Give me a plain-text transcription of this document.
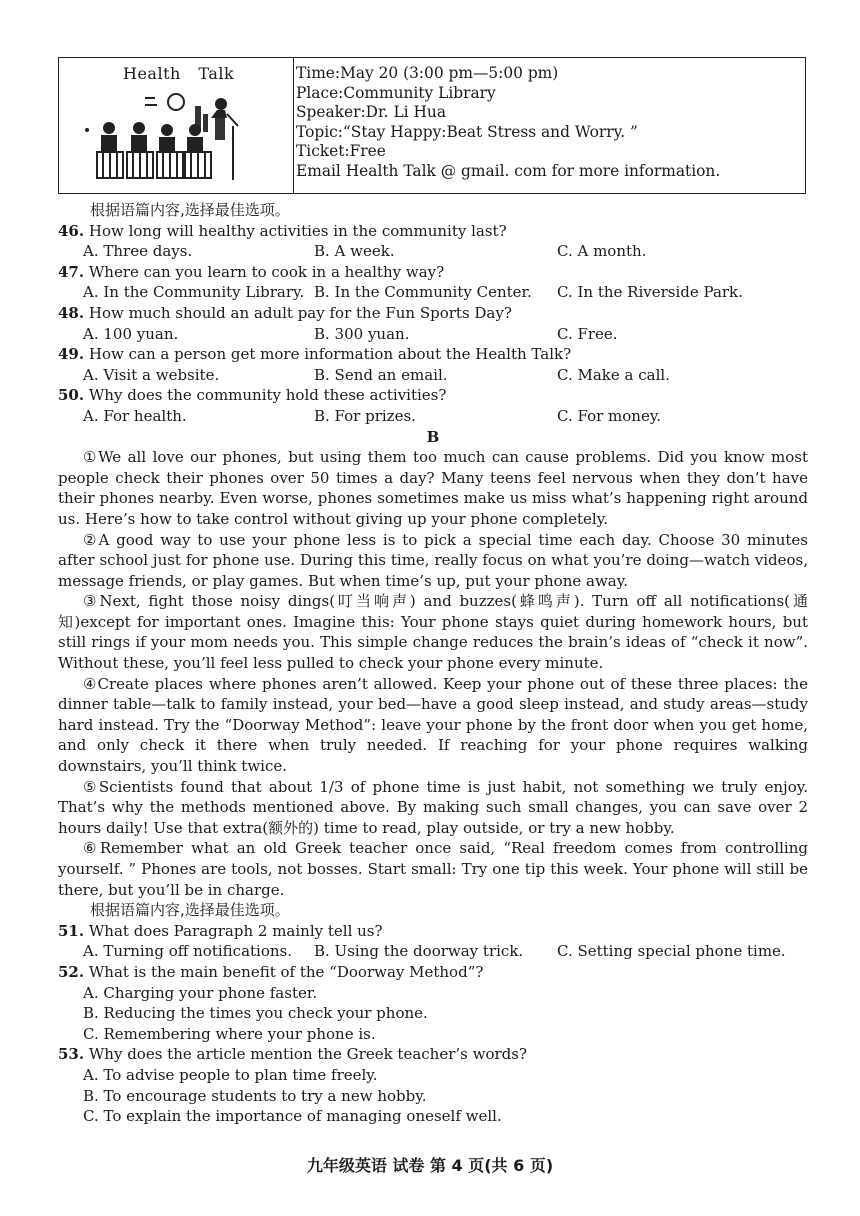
Health Talk	Time:May 20 (3:00 pm—5:00 pm)
Place:Community Library
Speaker:Dr. Li Hua
Topic:“Stay Happy:Beat Stress and Worry. ”
Ticket:Free
Email Health Talk @ gmail. com for more information.
根据语篇内容,选择最佳选项。
46. How long will healthy activities in the community last?
A. Three days.	B. A week.	C. A month.
47. Where can you learn to cook in a healthy way?
A. In the Community Library. B. In the Community Center.	C. In the Riverside Park.
48. How much should an adult pay for the Fun Sports Day?
A. 100 yuan.	B. 300 yuan.	C. Free.
49. How can a person get more information about the Health Talk?
A. Visit a website.	B. Send an email.	C. Make a call.
50. Why does the community hold these activities?
A. For health.	B. For prizes.	C. For money.
B

①We all love our phones, but using them too much can cause problems. Did you know most people check their phones over 50 times a day? Many teens feel nervous when they don’t have their phones nearby. Even worse, phones sometimes make us miss what’s happening right around us. Here’s how to take control without giving up your phone completely.

②A good way to use your phone less is to pick a special time each day. Choose 30 minutes after school just for phone use. During this time, really focus on what you’re doing—watch videos, message friends, or play games. But when time’s up, put your phone away.

③Next, fight those noisy dings(叮当响声) and buzzes(蜂鸣声). Turn off all notifications(通知)except for important ones. Imagine this: Your phone stays quiet during homework hours, but still rings if your mom needs you. This simple change reduces the brain’s ideas of “check it now”. Without these, you’ll feel less pulled to check your phone every minute.

④Create places where phones aren’t allowed. Keep your phone out of these three places: the dinner table—talk to family instead, your bed—have a good sleep instead, and study areas—study hard instead. Try the “Doorway Method”: leave your phone by the front door when you get home, and only check it there when truly needed. If reaching for your phone requires walking downstairs, you’ll think twice.

⑤Scientists found that about 1/3 of phone time is just habit, not something we truly enjoy. That’s why the methods mentioned above. By making such small changes, you can save over 2 hours daily! Use that extra(额外的) time to read, play outside, or try a new hobby.

⑥Remember what an old Greek teacher once said, “Real freedom comes from controlling yourself. ” Phones are tools, not bosses. Start small: Try one tip this week. Your phone will still be there, but you’ll be in charge.

根据语篇内容,选择最佳选项。
51. What does Paragraph 2 mainly tell us?
A. Turning off notifications.	B. Using the doorway trick.	C. Setting special phone time.
52. What is the main benefit of the “Doorway Method”?
A. Charging your phone faster.
B. Reducing the times you check your phone.
C. Remembering where your phone is.
53. Why does the article mention the Greek teacher’s words?
A. To advise people to plan time freely.
B. To encourage students to try a new hobby.
C. To explain the importance of managing oneself well.
九年级英语 试卷 第 4 页(共 6 页)
